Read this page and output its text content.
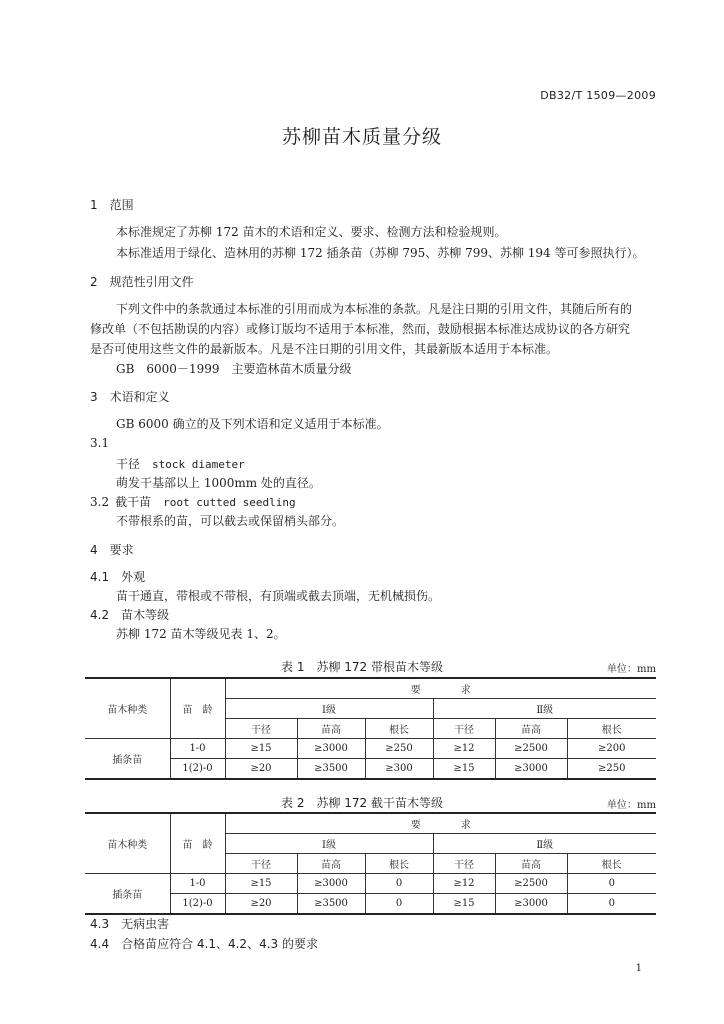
DB32/T 1509—2009
苏柳苗木质量分级
1　范围
本标准规定了苏柳 172 苗木的术语和定义、要求、检测方法和检验规则。
本标准适用于绿化、造林用的苏柳 172 插条苗（苏柳 795、苏柳 799、苏柳 194 等可参照执行）。
2　规范性引用文件
下列文件中的条款通过本标准的引用而成为本标准的条款。凡是注日期的引用文件，其随后所有的
修改单（不包括勘误的内容）或修订版均不适用于本标准，然而，鼓励根据本标准达成协议的各方研究
是否可使用这些文件的最新版本。凡是不注日期的引用文件，其最新版本适用于本标准。
GB　6000－1999　主要造林苗木质量分级
3　术语和定义
GB 6000 确立的及下列术语和定义适用于本标准。
3.1
干径 stock diameter
萌发干基部以上 1000mm 处的直径。
3.2 截干苗 root cutted seedling
不带根系的苗，可以截去或保留梢头部分。
4　要求
4.1　外观
苗干通直，带根或不带根，有顶端或截去顶端，无机械损伤。
4.2　苗木等级
苏柳 172 苗木等级见表 1、2。
表 1　苏柳 172 带根苗木等级	单位：mm
苗木种类	苗　龄	要　　　　求					
		Ⅰ级			Ⅱ级		
		干径	苗高	根长	干径	苗高	根长
插条苗	1-0	≥15	≥3000	≥250	≥12	≥2500	≥200
	1(2)-0	≥20	≥3500	≥300	≥15	≥3000	≥250
表 2　苏柳 172 截干苗木等级	单位：mm
苗木种类	苗　龄	要　　　　求					
		Ⅰ级			Ⅱ级		
		干径	苗高	根长	干径	苗高	根长
插条苗	1-0	≥15	≥3000	0	≥12	≥2500	0
	1(2)-0	≥20	≥3500	0	≥15	≥3000	0
4.3　无病虫害
4.4　合格苗应符合 4.1、4.2、4.3 的要求
1
